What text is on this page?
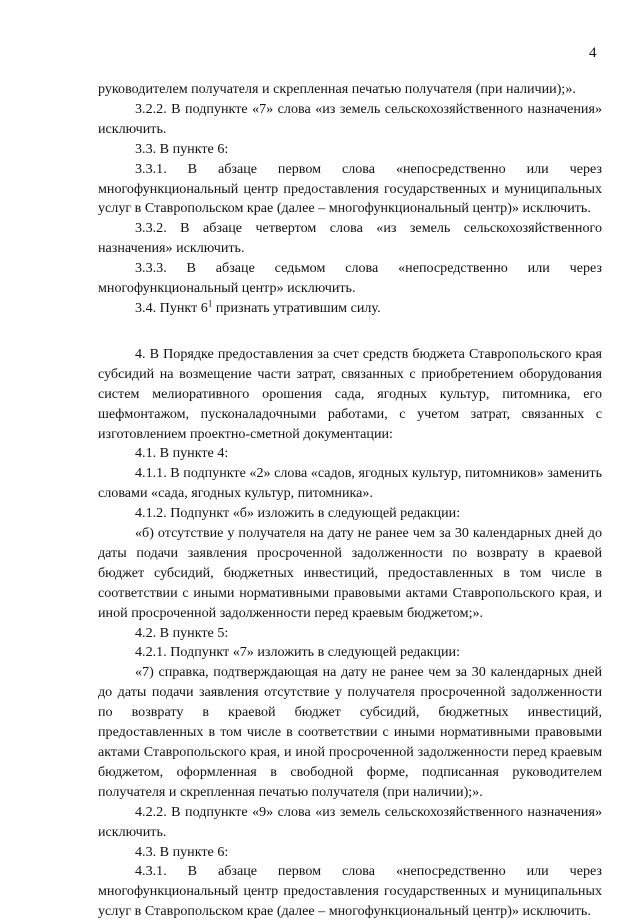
4

руководителем получателя и скрепленная печатью получателя (при наличии);».

3.2.2. В подпункте «7» слова «из земель сельскохозяйственного назначения» исключить.

3.3. В пункте 6:

3.3.1. В абзаце первом слова «непосредственно или через многофункциональный центр предоставления государственных и муниципальных услуг в Ставропольском крае (далее – многофункциональный центр)» исключить.

3.3.2. В абзаце четвертом слова «из земель сельскохозяйственного назначения» исключить.

3.3.3. В абзаце седьмом слова «непосредственно или через многофункциональный центр» исключить.

3.4. Пункт $6^1$ признать утратившим силу.

4. В Порядке предоставления за счет средств бюджета Ставропольского края субсидий на возмещение части затрат, связанных с приобретением оборудования систем мелиоративного орошения сада, ягодных культур, питомника, его шефмонтажом, пусконаладочными работами, с учетом затрат, связанных с изготовлением проектно-сметной документации:

4.1. В пункте 4:

4.1.1. В подпункте «2» слова «садов, ягодных культур, питомников» заменить словами «сада, ягодных культур, питомника».

4.1.2. Подпункт «б» изложить в следующей редакции:

«б) отсутствие у получателя на дату не ранее чем за 30 календарных дней до даты подачи заявления просроченной задолженности по возврату в краевой бюджет субсидий, бюджетных инвестиций, предоставленных в том числе в соответствии с иными нормативными правовыми актами Ставропольского края, и иной просроченной задолженности перед краевым бюджетом;».

4.2. В пункте 5:

4.2.1. Подпункт «7» изложить в следующей редакции:

«7) справка, подтверждающая на дату не ранее чем за 30 календарных дней до даты подачи заявления отсутствие у получателя просроченной задолженности по возврату в краевой бюджет субсидий, бюджетных инвестиций, предоставленных в том числе в соответствии с иными нормативными правовыми актами Ставропольского края, и иной просроченной задолженности перед краевым бюджетом, оформленная в свободной форме, подписанная руководителем получателя и скрепленная печатью получателя (при наличии);».

4.2.2. В подпункте «9» слова «из земель сельскохозяйственного назначения» исключить.

4.3. В пункте 6:

4.3.1. В абзаце первом слова «непосредственно или через многофункциональный центр предоставления государственных и муниципальных услуг в Ставропольском крае (далее – многофункциональный центр)» исключить.
